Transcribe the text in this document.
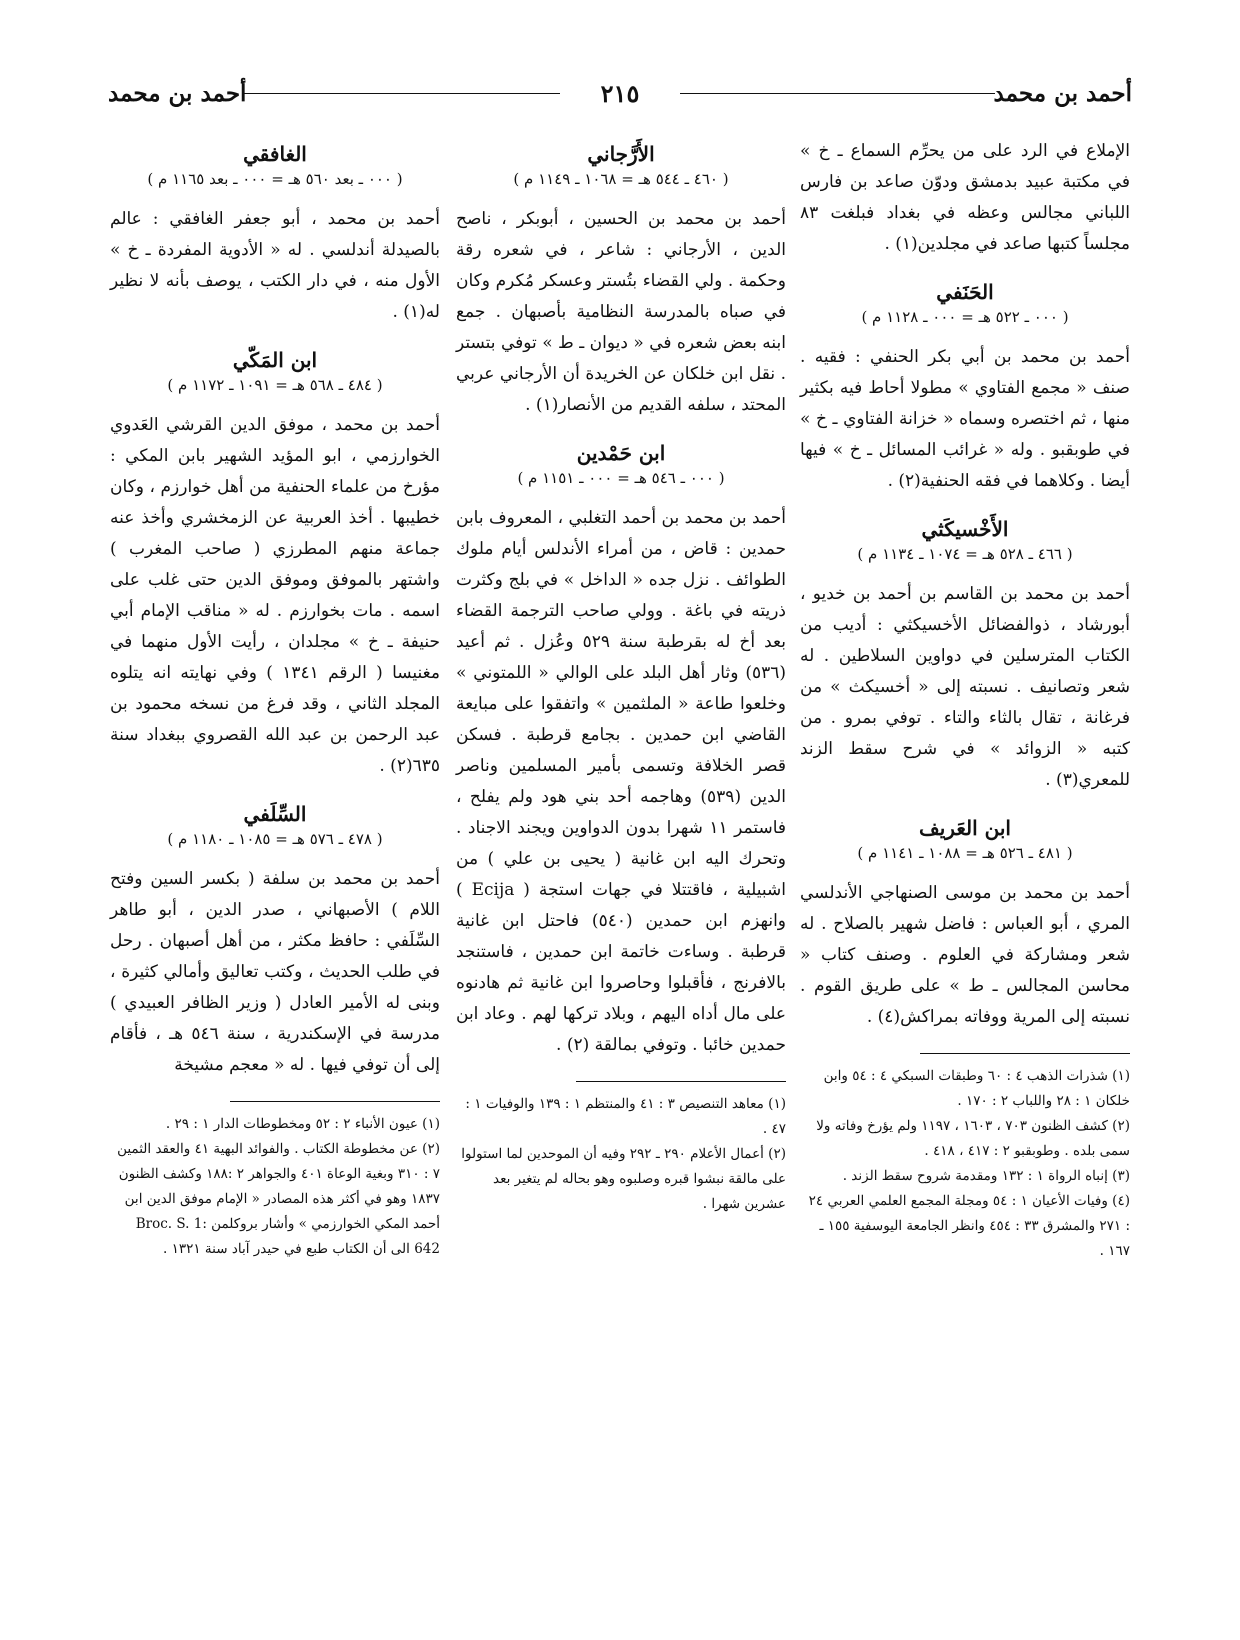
أحمد بن محمد
٢١٥
أحمد بن محمد

الإملاع في الرد على من يحرِّم السماع ـ خ » في مكتبة عبيد بدمشق ودوّن صاعد بن فارس اللباني مجالس وعظه في بغداد فبلغت ٨٣ مجلساً كتبها صاعد في مجلدين(١) .

الحَنَفي
( ٠٠٠ ـ ٥٢٢ هـ = ٠٠٠ ـ ١١٢٨ م )

أحمد بن محمد بن أبي بكر الحنفي : فقيه . صنف « مجمع الفتاوي » مطولا أحاط فيه بكثير منها ، ثم اختصره وسماه « خزانة الفتاوي ـ خ » في طوبقبو . وله « غرائب المسائل ـ خ » فيها أيضا . وكلاهما في فقه الحنفية(٢) .

الأَخْسيكَثي
( ٤٦٦ ـ ٥٢٨ هـ = ١٠٧٤ ـ ١١٣٤ م )

أحمد بن محمد بن القاسم بن أحمد بن خديو ، أبورشاد ، ذوالفضائل الأخسيكثي : أديب من الكتاب المترسلين في دواوين السلاطين . له شعر وتصانيف . نسبته إلى « أخسيكث » من فرغانة ، تقال بالثاء والتاء . توفي بمرو . من كتبه « الزوائد » في شرح سقط الزند للمعري(٣) .

ابن العَريف
( ٤٨١ ـ ٥٢٦ هـ = ١٠٨٨ ـ ١١٤١ م )

أحمد بن محمد بن موسى الصنهاجي الأندلسي المري ، أبو العباس : فاضل شهير بالصلاح . له شعر ومشاركة في العلوم . وصنف كتاب « محاسن المجالس ـ ط » على طريق القوم . نسبته إلى المرية ووفاته بمراكش(٤) .

(١) شذرات الذهب ٤ : ٦٠ وطبقات السبكي ٤ : ٥٤ وابن خلكان ١ : ٢٨ واللباب ٢ : ١٧٠ .

(٢) كشف الظنون ٧٠٣ ، ١٦٠٣ ، ١١٩٧ ولم يؤرخ وفاته ولا سمى بلده . وطوبقبو ٢ : ٤١٧ ، ٤١٨ .

(٣) إنباه الرواة ١ : ١٣٢ ومقدمة شروح سقط الزند .

(٤) وفيات الأعيان ١ : ٥٤ ومجلة المجمع العلمي العربي ٢٤ : ٢٧١ والمشرق ٣٣ : ٤٥٤ وانظر الجامعة اليوسفية ١٥٥ ـ ١٦٧ .

الأَرَّجاني
( ٤٦٠ ـ ٥٤٤ هـ = ١٠٦٨ ـ ١١٤٩ م )

أحمد بن محمد بن الحسين ، أبوبكر ، ناصح الدين ، الأرجاني : شاعر ، في شعره رقة وحكمة . ولي القضاء بتُستر وعسكر مُكرم وكان في صباه بالمدرسة النظامية بأصبهان . جمع ابنه بعض شعره في « ديوان ـ ط » توفي بتستر . نقل ابن خلكان عن الخريدة أن الأرجاني عربي المحتد ، سلفه القديم من الأنصار(١) .

ابن حَمْدين
( ٠٠٠ ـ ٥٤٦ هـ = ٠٠٠ ـ ١١٥١ م )

أحمد بن محمد بن أحمد التغلبي ، المعروف بابن حمدين : قاض ، من أمراء الأندلس أيام ملوك الطوائف . نزل جده « الداخل » في بلج وكثرت ذريته في باغة . وولي صاحب الترجمة القضاء بعد أخ له بقرطبة سنة ٥٢٩ وعُزل . ثم أعيد (٥٣٦) وثار أهل البلد على الوالي « اللمتوني » وخلعوا طاعة « الملثمين » واتفقوا على مبايعة القاضي ابن حمدين . بجامع قرطبة . فسكن قصر الخلافة وتسمى بأمير المسلمين وناصر الدين (٥٣٩) وهاجمه أحد بني هود ولم يفلح ، فاستمر ١١ شهرا بدون الدواوين ويجند الاجناد . وتحرك اليه ابن غانية ( يحيى بن علي ) من اشبيلية ، فاقتتلا في جهات استجة ( Ecija ) وانهزم ابن حمدين (٥٤٠) فاحتل ابن غانية قرطبة . وساءت خاتمة ابن حمدين ، فاستنجد بالافرنج ، فأقبلوا وحاصروا ابن غانية ثم هادنوه على مال أداه اليهم ، وبلاد تركها لهم . وعاد ابن حمدين خائبا . وتوفي بمالقة (٢) .

(١) معاهد التنصيص ٣ : ٤١ والمنتظم ١ : ١٣٩ والوفيات ١ : ٤٧ .

(٢) أعمال الأعلام ٢٩٠ ـ ٢٩٢ وفيه أن الموحدين لما استولوا على مالقة نبشوا قبره وصلبوه وهو بحاله لم يتغير بعد عشرين شهرا .

الغافقي
( ٠٠٠ ـ بعد ٥٦٠ هـ = ٠٠٠ ـ بعد ١١٦٥ م )

أحمد بن محمد ، أبو جعفر الغافقي : عالم بالصيدلة أندلسي . له « الأدوية المفردة ـ خ » الأول منه ، في دار الكتب ، يوصف بأنه لا نظير له(١) .

ابن المَكّي
( ٤٨٤ ـ ٥٦٨ هـ = ١٠٩١ ـ ١١٧٢ م )

أحمد بن محمد ، موفق الدين القرشي العَدوي الخوارزمي ، ابو المؤيد الشهير بابن المكي : مؤرخ من علماء الحنفية من أهل خوارزم ، وكان خطيبها . أخذ العربية عن الزمخشري وأخذ عنه جماعة منهم المطرزي ( صاحب المغرب ) واشتهر بالموفق وموفق الدين حتى غلب على اسمه . مات بخوارزم . له « مناقب الإمام أبي حنيفة ـ خ » مجلدان ، رأيت الأول منهما في مغنيسا ( الرقم ١٣٤١ ) وفي نهايته انه يتلوه المجلد الثاني ، وقد فرغ من نسخه محمود بن عبد الرحمن بن عبد الله القصروي ببغداد سنة ٦٣٥(٢) .

السِّلَفي
( ٤٧٨ ـ ٥٧٦ هـ = ١٠٨٥ ـ ١١٨٠ م )

أحمد بن محمد بن سلفة ( بكسر السين وفتح اللام ) الأصبهاني ، صدر الدين ، أبو طاهر السِّلَفي : حافظ مكثر ، من أهل أصبهان . رحل في طلب الحديث ، وكتب تعاليق وأمالي كثيرة ، وبنى له الأمير العادل ( وزير الظافر العبيدي ) مدرسة في الإسكندرية ، سنة ٥٤٦ هـ ، فأقام إلى أن توفي فيها . له « معجم مشيخة

(١) عيون الأنباء ٢ : ٥٢ ومخطوطات الدار ١ : ٢٩ .

(٢) عن مخطوطة الكتاب . والفوائد البهية ٤١ والعقد الثمين ٧ : ٣١٠ وبغية الوعاة ٤٠١ والجواهر ٢ :١٨٨ وكشف الظنون ١٨٣٧ وهو في أكثر هذه المصادر « الإمام موفق الدين ابن أحمد المكي الخوارزمي » وأشار بروكلمن Broc. S. 1: 642 الى أن الكتاب طبع في حيدر آباد سنة ١٣٢١ .
